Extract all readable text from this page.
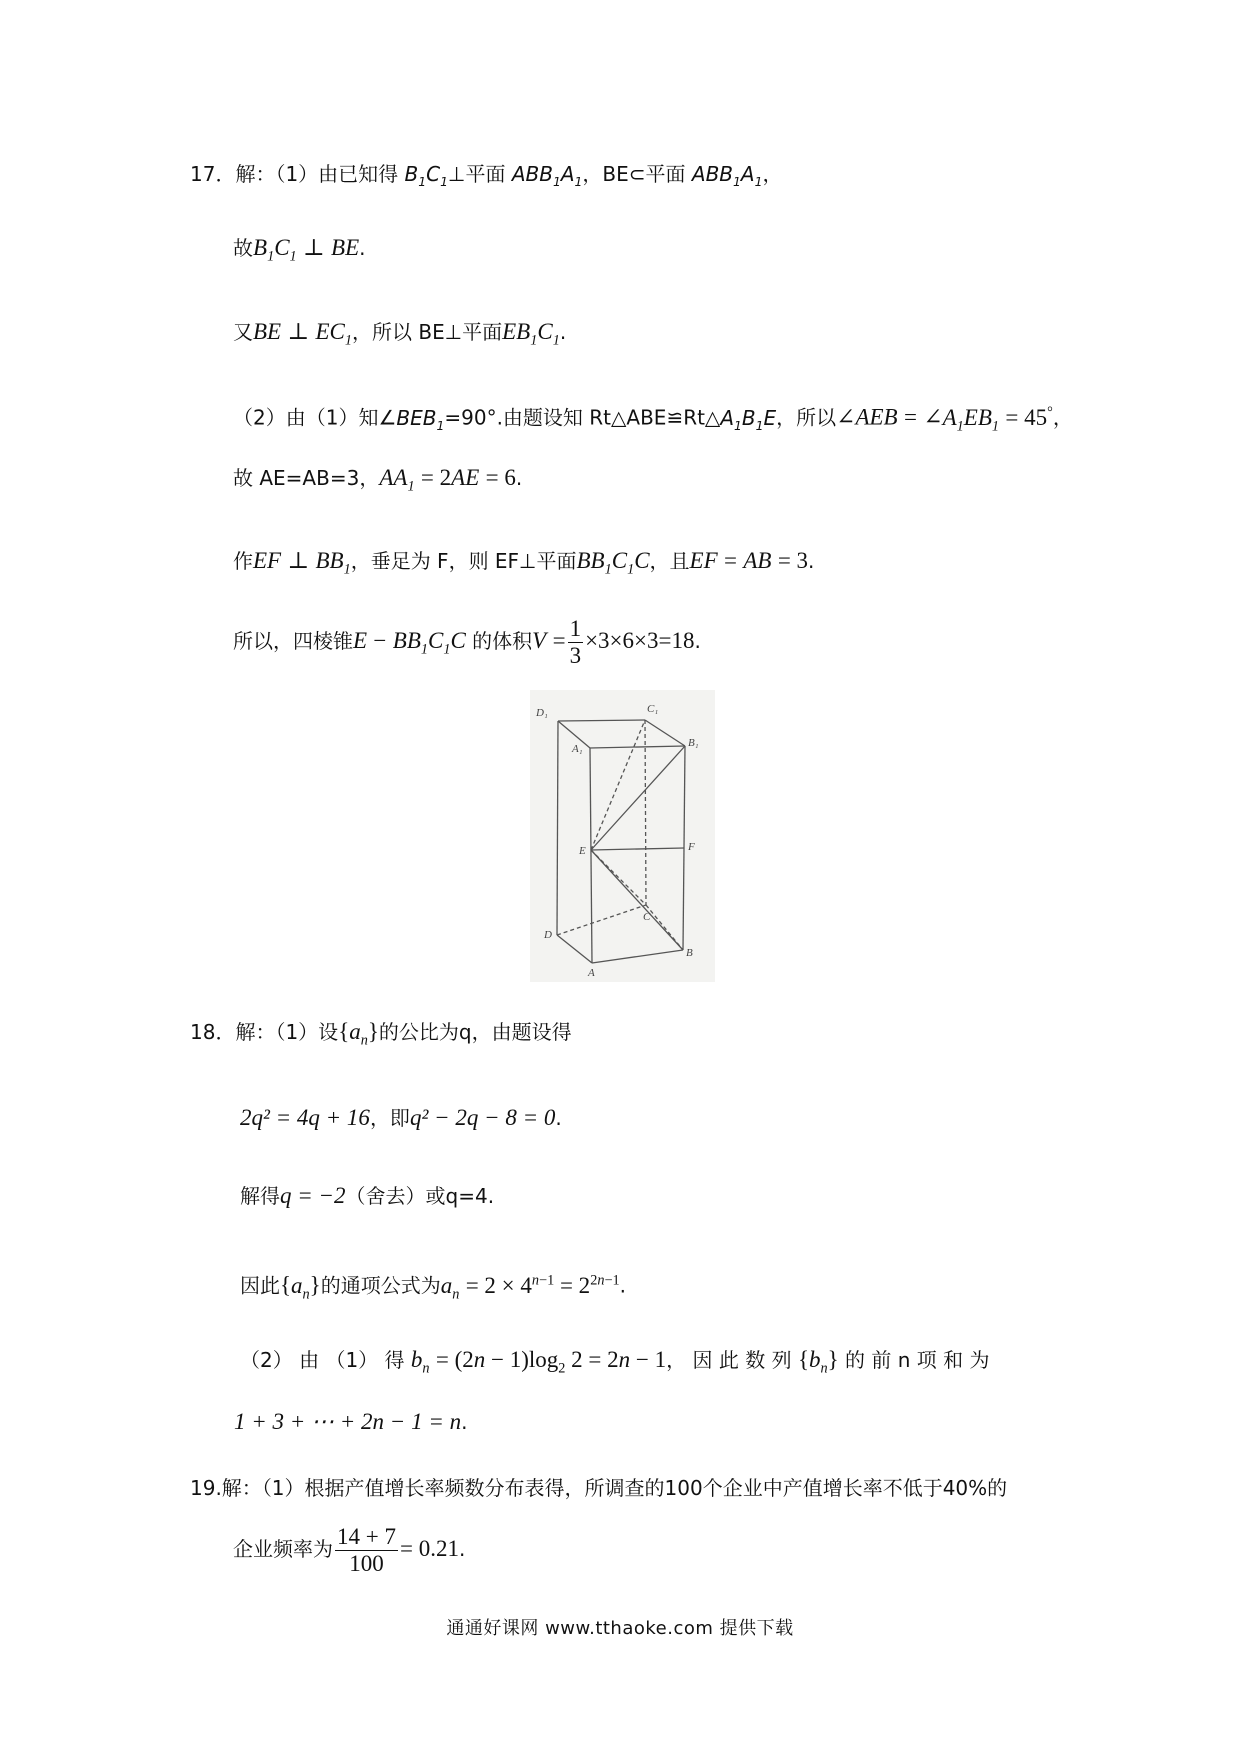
17．解：（1）由已知得 $B_1C_1\perp$平面 $ABB_1A_1$，BE⊂平面 $ABB_1A_1$，
故$B_1C_1$ ⊥ BE.
又BE ⊥ $EC_1$，所以 BE⊥平面$EB_1C_1$.
（2）由（1）知$\angle BEB_1=90^\circ$.由题设知 $Rt\triangle ABE≌Rt\triangle A_1B_1E$，所以∠AEB = $\angle A_1EB_1 = 45^\circ$，
故 AE=AB=3，$AA_1 = 2AE = 6$.
作EF ⊥ $BB_1$，垂足为 F，则 EF⊥平面$BB_1C_1C$，且EF = AB = 3.
所以，四棱锥$E - BB_1C_1C$ 的体积$V = \frac{1}{3} \times 3\times 6\times 3=18$.
D₁	C₁
B₁
A₁
E	F
D
C
B
A
18．解：（1）设$\{a_n\}$的公比为q，由题设得
2q² = 4q + 16，即q² − 2q − 8 = 0.
解得q = −2（舍去）或q=4.
因此$\{a_n\}$的通项公式为$a_n = 2 \times 4^{n-1} = 2^{2n-1}$.
（2） 由 （1） 得 $b_n = (2n - 1)\log_2$ 2 = 2n − 1， 因 此 数 列 $\{b_n\}$ 的 前 n 项 和 为
1 + 3 + ⋯ + 2n − 1 = n.
19.解：（1）根据产值增长率频数分布表得，所调查的100个企业中产值增长率不低于40%的
企业频率为 $\frac{14 + 7}{100} = 0.21$.
通通好课网 www.tthaoke.com 提供下载
